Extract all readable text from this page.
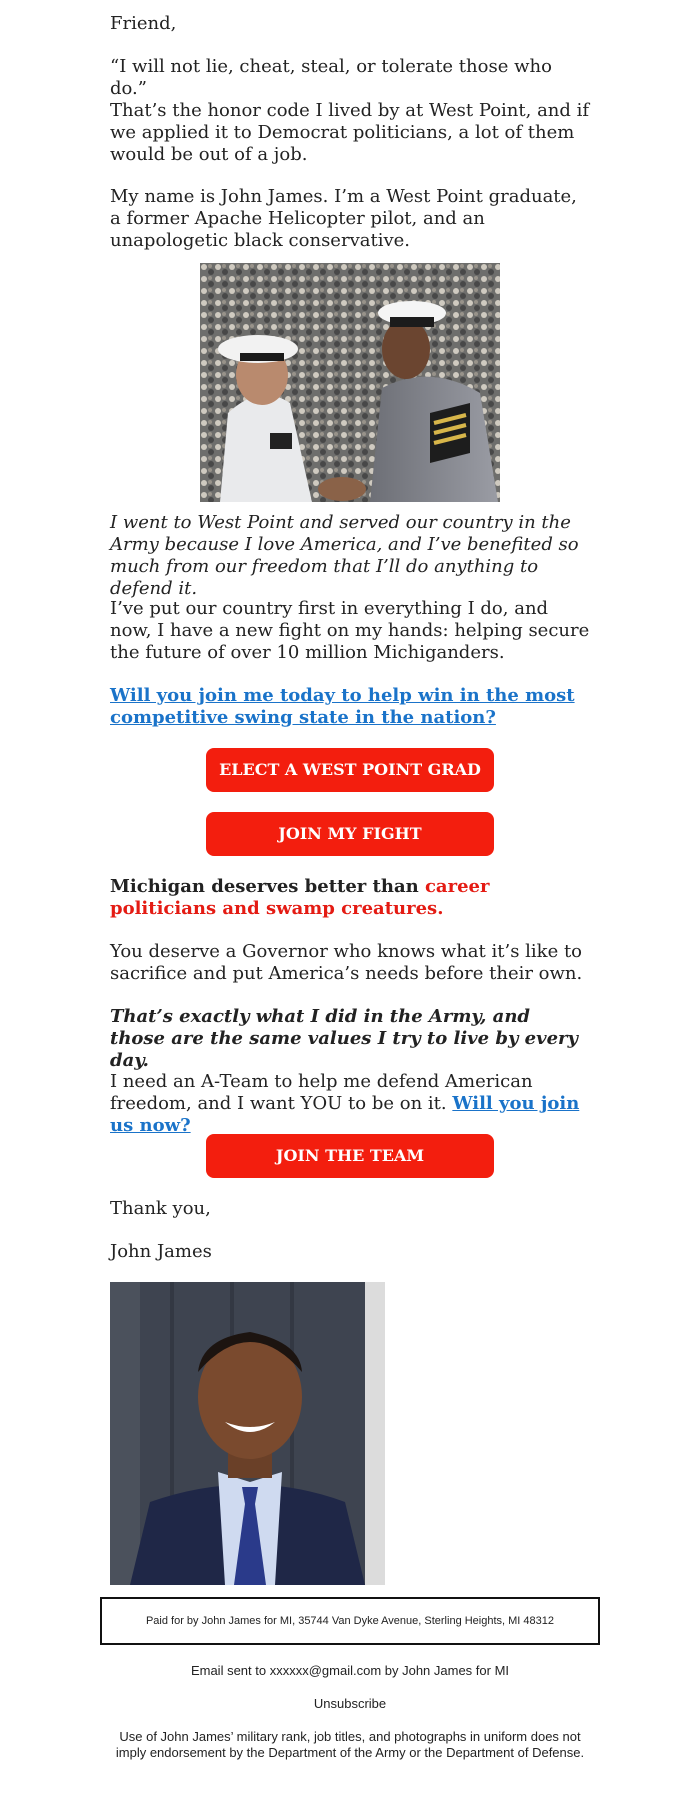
Friend,

“I will not lie, cheat, steal, or tolerate those who do.”

That’s the honor code I lived by at West Point, and if we applied it to Democrat politicians, a lot of them would be out of a job.

My name is John James. I’m a West Point graduate, a former Apache Helicopter pilot, and an unapologetic black conservative.

I went to West Point and served our country in the Army because I love America, and I’ve benefited so much from our freedom that I’ll do anything to defend it.

I’ve put our country first in everything I do, and now, I have a new fight on my hands: helping secure the future of over 10 million Michiganders.

Will you join me today to help win in the most competitive swing state in the nation?

ELECT A WEST POINT GRAD
JOIN MY FIGHT

Michigan deserves better than career politicians and swamp creatures.

You deserve a Governor who knows what it’s like to sacrifice and put America’s needs before their own.

That’s exactly what I did in the Army, and those are the same values I try to live by every day.

I need an A-Team to help me defend American freedom, and I want YOU to be on it. Will you join us now?

JOIN THE TEAM

Thank you,

John James

Paid for by John James for MI, 35744 Van Dyke Avenue, Sterling Heights, MI 48312
Email sent to xxxxxx@gmail.com by John James for MI
Unsubscribe
Use of John James’ military rank, job titles, and photographs in uniform does not imply endorsement by the Department of the Army or the Department of Defense.
